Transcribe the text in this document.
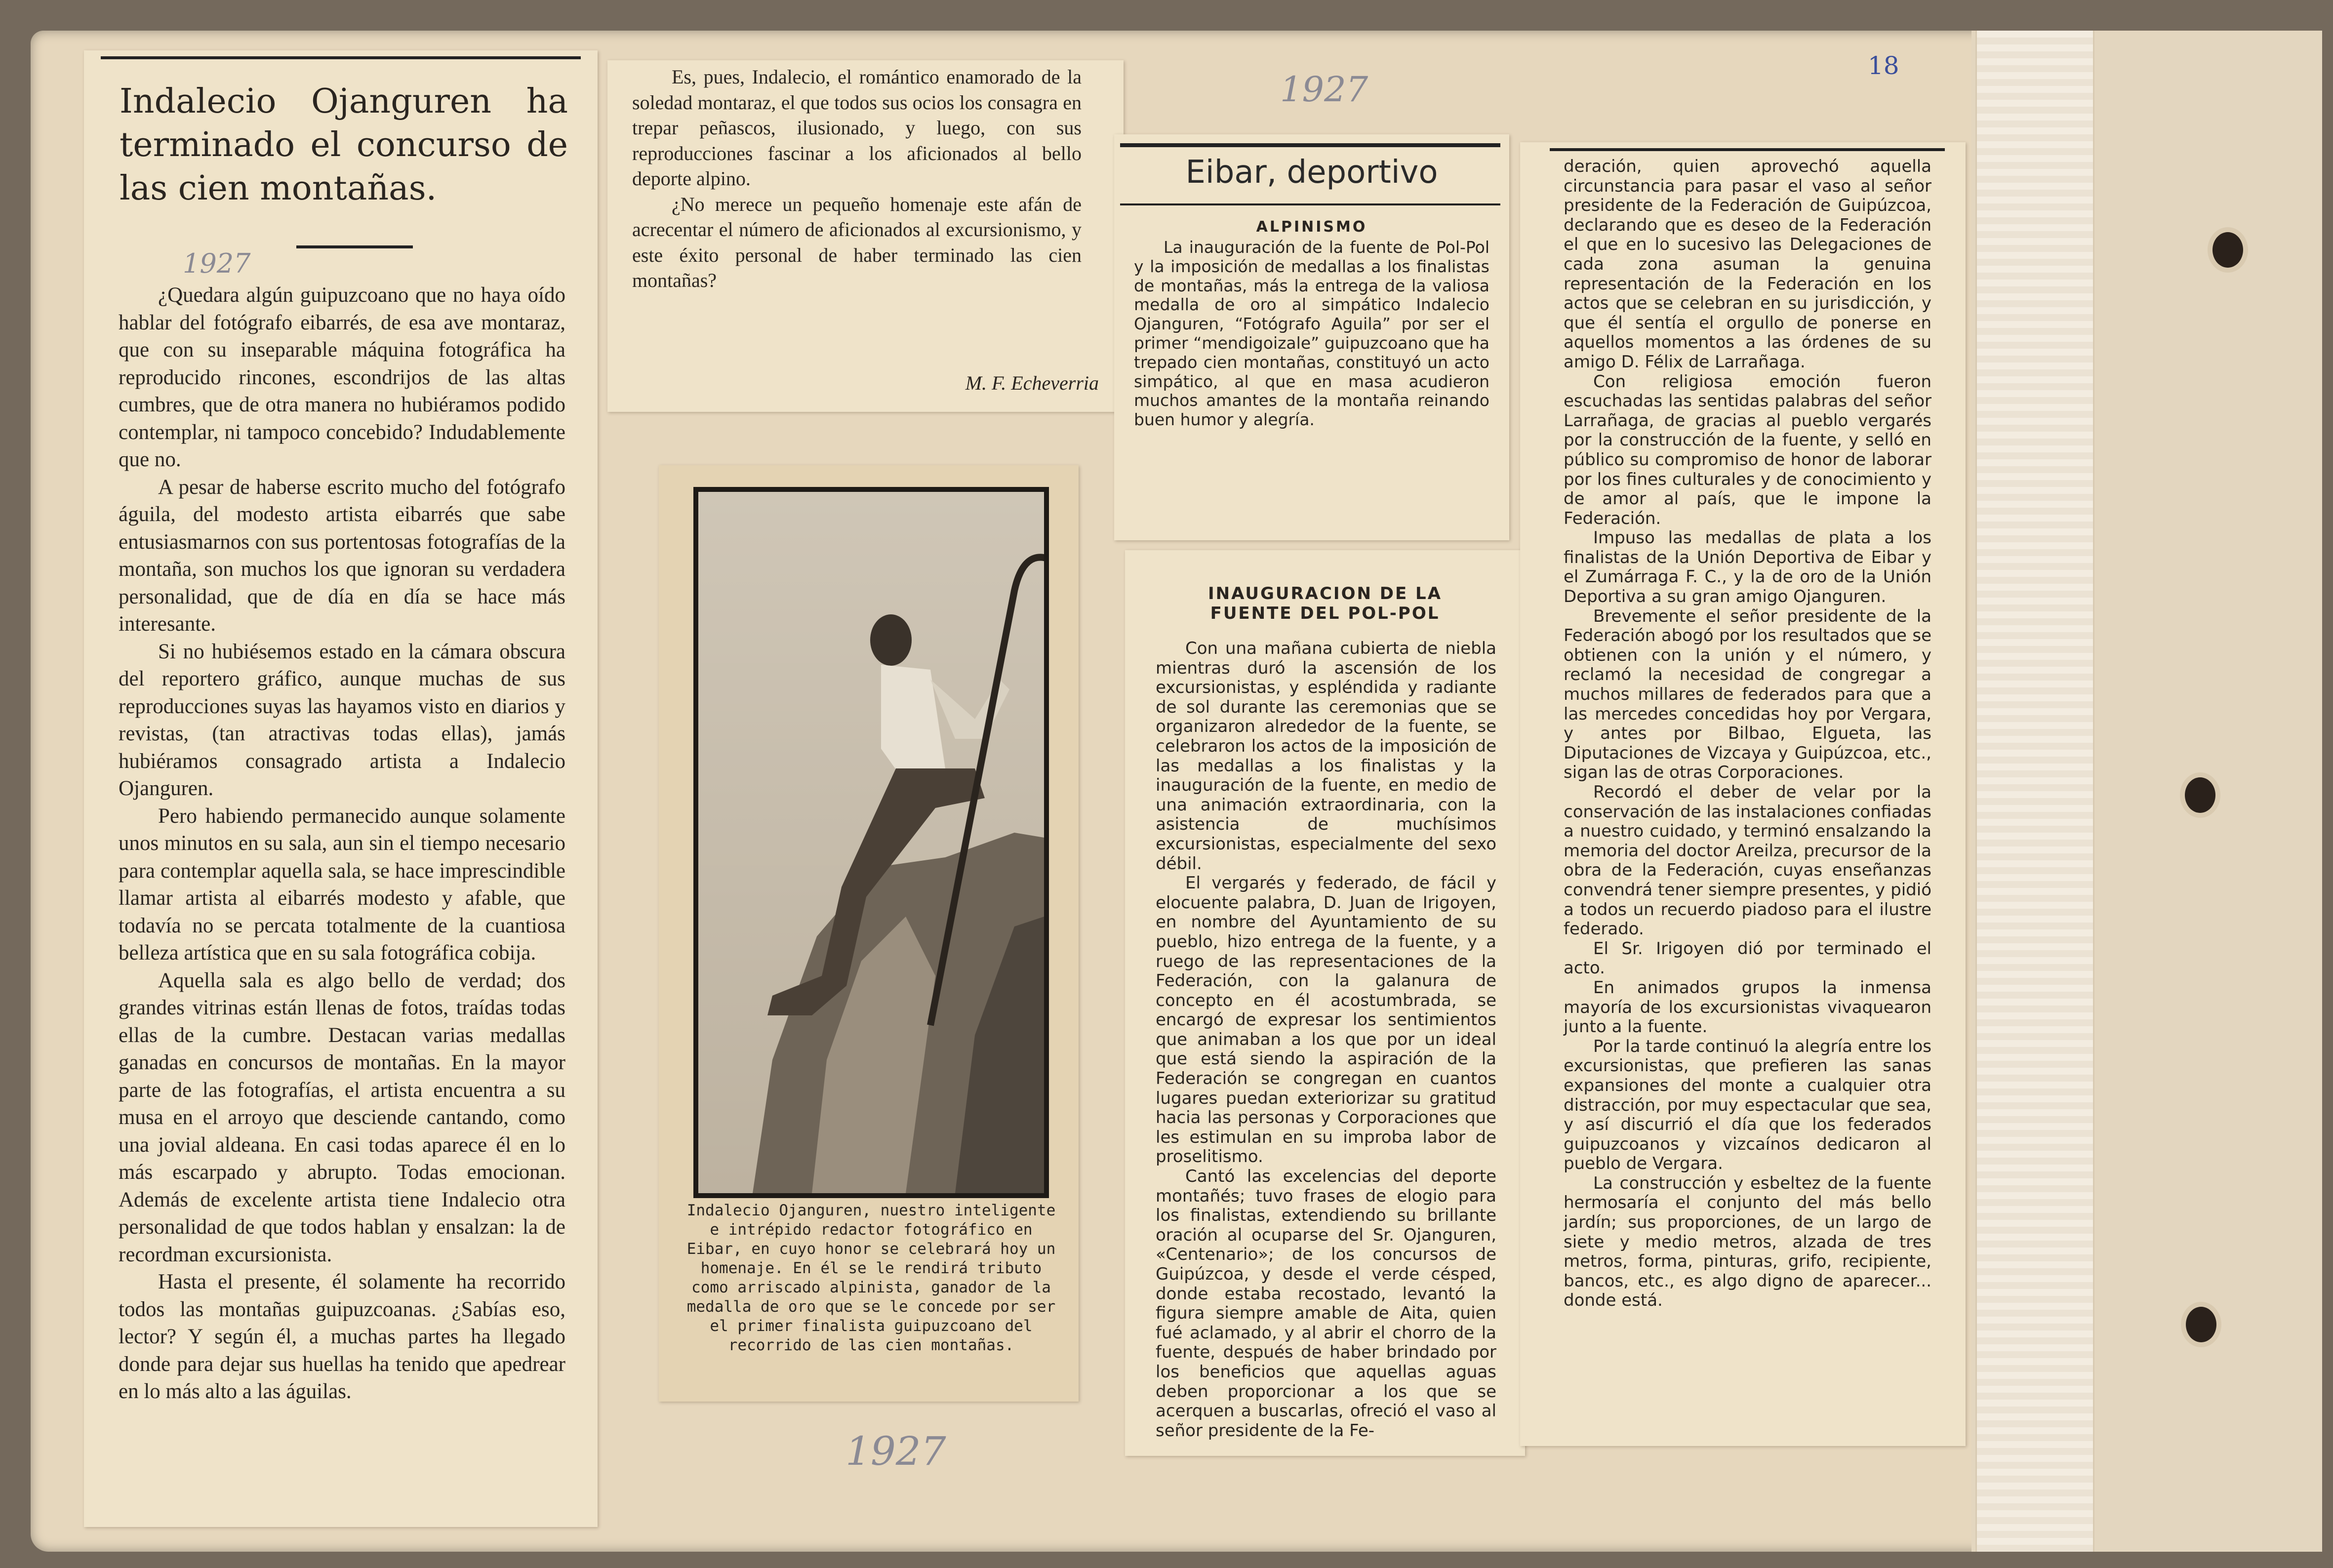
1927
18
1927
Indalecio Ojanguren ha terminado el concurso de las cien montañas.
1927

¿Quedara algún guipuzcoano que no haya oído hablar del fotógrafo eibarrés, de esa ave montaraz, que con su inseparable máquina fotográfica ha reproducido rincones, escondrijos de las altas cumbres, que de otra manera no hubiéramos podido contemplar, ni tampoco concebido? Indudablemente que no.

A pesar de haberse escrito mucho del fotógrafo águila, del modesto artista eibarrés que sabe entusiasmarnos con sus portentosas fotografías de la montaña, son muchos los que ignoran su verdadera personalidad, que de día en día se hace más interesante.

Si no hubiésemos estado en la cámara obscura del reportero gráfico, aunque muchas de sus reproducciones suyas las hayamos visto en diarios y revistas, (tan atractivas todas ellas), jamás hubiéramos consagrado artista a Indalecio Ojanguren.

Pero habiendo permanecido aunque solamente unos minutos en su sala, aun sin el tiempo necesario para contemplar aquella sala, se hace imprescindible llamar artista al eibarrés modesto y afable, que todavía no se percata totalmente de la cuantiosa belleza artística que en su sala fotográfica cobija.

Aquella sala es algo bello de verdad; dos grandes vitrinas están llenas de fotos, traídas todas ellas de la cumbre. Destacan varias medallas ganadas en concursos de montañas. En la mayor parte de las fotografías, el artista encuentra a su musa en el arroyo que desciende cantando, como una jovial aldeana. En casi todas aparece él en lo más escarpado y abrupto. Todas emocionan. Además de excelente artista tiene Indalecio otra personalidad de que todos hablan y ensalzan: la de recordman excursionista.

Hasta el presente, él solamente ha recorrido todos las montañas guipuzcoanas. ¿Sabías eso, lector? Y según él, a muchas partes ha llegado donde para dejar sus huellas ha tenido que apedrear en lo más alto a las águilas.

Es, pues, Indalecio, el romántico enamorado de la soledad montaraz, el que todos sus ocios los consagra en trepar peñascos, ilusionado, y luego, con sus reproducciones fascinar a los aficionados al bello deporte alpino.

¿No merece un pequeño homenaje este afán de acrecentar el número de aficionados al excursionismo, y este éxito personal de haber terminado las cien montañas?

M. F. Echeverria
Indalecio Ojanguren, nuestro inteligente e intrépido redactor fotográfico en Eibar, en cuyo honor se celebrará hoy un homenaje. En él se le rendirá tributo como arriscado alpinista, ganador de la medalla de oro que se le concede por ser el primer finalista guipuzcoano del recorrido de las cien montañas.
Eibar, deportivo
ALPINISMO

La inauguración de la fuente de Pol-Pol y la imposición de medallas a los finalistas de montañas, más la entrega de la valiosa medalla de oro al simpático Indalecio Ojanguren, “Fotógrafo Aguila” por ser el primer “mendigoizale” guipuzcoano que ha trepado cien montañas, constituyó un acto simpático, al que en masa acudieron muchos amantes de la montaña reinando buen humor y alegría.

INAUGURACION DE LA FUENTE DEL POL-POL

Con una mañana cubierta de niebla mientras duró la ascensión de los excursionistas, y espléndida y radiante de sol durante las ceremonias que se organizaron alrededor de la fuente, se celebraron los actos de la imposición de las medallas a los finalistas y la inauguración de la fuente, en medio de una animación extraordinaria, con la asistencia de muchísimos excursionistas, especialmente del sexo débil.

El vergarés y federado, de fácil y elocuente palabra, D. Juan de Irigoyen, en nombre del Ayuntamiento de su pueblo, hizo entrega de la fuente, y a ruego de las representaciones de la Federación, con la galanura de concepto en él acostumbrada, se encargó de expresar los sentimientos que animaban a los que por un ideal que está siendo la aspiración de la Federación se congregan en cuantos lugares puedan exteriorizar su gratitud hacia las personas y Corporaciones que les estimulan en su improba labor de proselitismo.

Cantó las excelencias del deporte montañés; tuvo frases de elogio para los finalistas, extendiendo su brillante oración al ocuparse del Sr. Ojanguren, «Centenario»; de los concursos de Guipúzcoa, y desde el verde césped, donde estaba recostado, levantó la figura siempre amable de Aita, quien fué aclamado, y al abrir el chorro de la fuente, después de haber brindado por los beneficios que aquellas aguas deben proporcionar a los que se acerquen a buscarlas, ofreció el vaso al señor presidente de la Fe-

deración, quien aprovechó aquella circunstancia para pasar el vaso al señor presidente de la Federación de Guipúzcoa, declarando que es deseo de la Federación el que en lo sucesivo las Delegaciones de cada zona asuman la genuina representación de la Federación en los actos que se celebran en su jurisdicción, y que él sentía el orgullo de ponerse en aquellos momentos a las órdenes de su amigo D. Félix de Larrañaga.

Con religiosa emoción fueron escuchadas las sentidas palabras del señor Larrañaga, de gracias al pueblo vergarés por la construcción de la fuente, y selló en público su compromiso de honor de laborar por los fines culturales y de conocimiento y de amor al país, que le impone la Federación.

Impuso las medallas de plata a los finalistas de la Unión Deportiva de Eibar y el Zumárraga F. C., y la de oro de la Unión Deportiva a su gran amigo Ojanguren.

Brevemente el señor presidente de la Federación abogó por los resultados que se obtienen con la unión y el número, y reclamó la necesidad de congregar a muchos millares de federados para que a las mercedes concedidas hoy por Vergara, y antes por Bilbao, Elgueta, las Diputaciones de Vizcaya y Guipúzcoa, etc., sigan las de otras Corporaciones.

Recordó el deber de velar por la conservación de las instalaciones confiadas a nuestro cuidado, y terminó ensalzando la memoria del doctor Areilza, precursor de la obra de la Federación, cuyas enseñanzas convendrá tener siempre presentes, y pidió a todos un recuerdo piadoso para el ilustre federado.

El Sr. Irigoyen dió por terminado el acto.

En animados grupos la inmensa mayoría de los excursionistas vivaquearon junto a la fuente.

Por la tarde continuó la alegría entre los excursionistas, que prefieren las sanas expansiones del monte a cualquier otra distracción, por muy espectacular que sea, y así discurrió el día que los federados guipuzcoanos y vizcaínos dedicaron al pueblo de Vergara.

La construcción y esbeltez de la fuente hermosaría el conjunto del más bello jardín; sus proporciones, de un largo de siete y medio metros, alzada de tres metros, forma, pinturas, grifo, recipiente, bancos, etc., es algo digno de aparecer... donde está.
